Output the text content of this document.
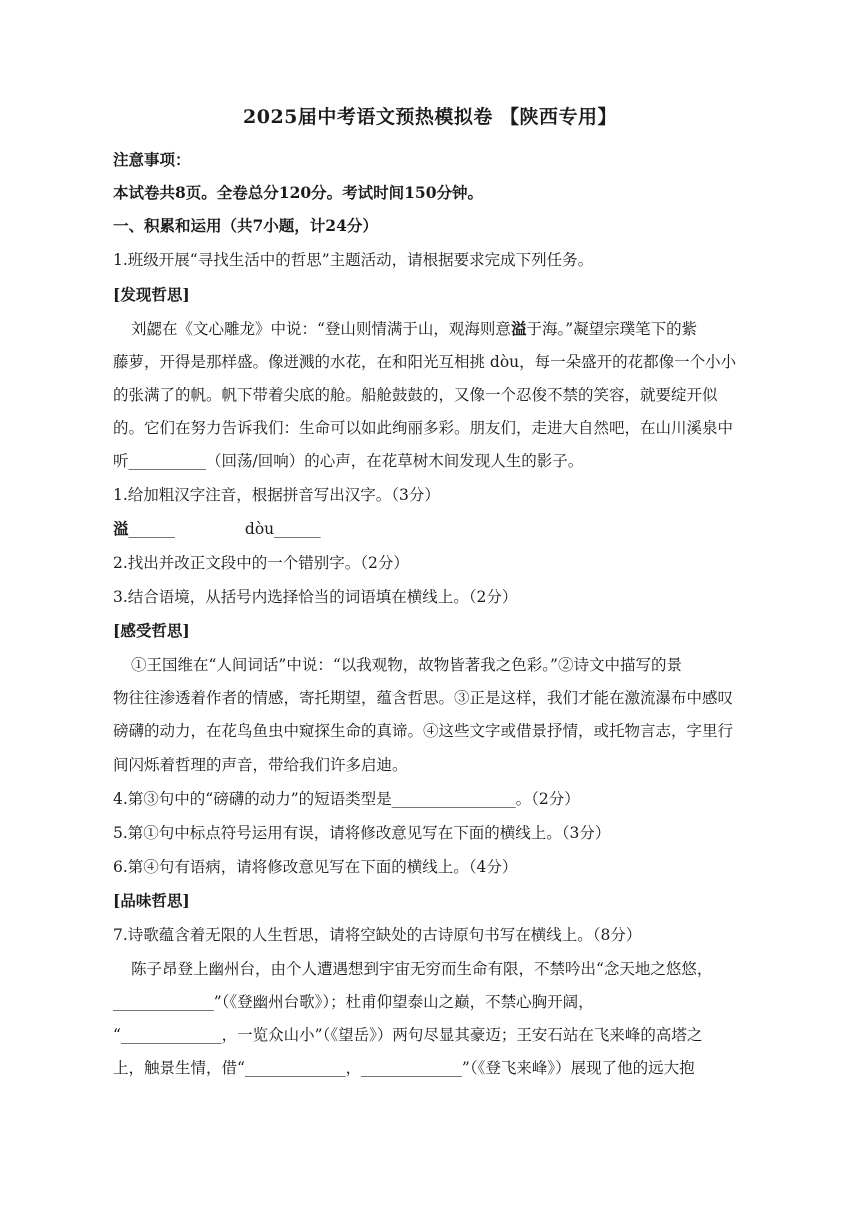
2025届中考语文预热模拟卷 【陕西专用】
注意事项：
本试卷共8页。全卷总分120分。考试时间150分钟。
一、积累和运用（共7小题，计24分）
1.班级开展“寻找生活中的哲思”主题活动，请根据要求完成下列任务。
[发现哲思]
刘勰在《文心雕龙》中说：“登山则情满于山，观海则意溢于海。”凝望宗璞笔下的紫
藤萝，开得是那样盛。像迸溅的水花，在和阳光互相挑 dòu，每一朵盛开的花都像一个小小
的张满了的帆。帆下带着尖底的舱。船舱鼓鼓的，又像一个忍俊不禁的笑容，就要绽开似
的。它们在努力告诉我们：生命可以如此绚丽多彩。朋友们，走进大自然吧，在山川溪泉中
听__________（回荡/回响）的心声，在花草树木间发现人生的影子。
1.给加粗汉字注音，根据拼音写出汉字。（3分）
溢______	dòu______
2.找出并改正文段中的一个错别字。（2分）
3.结合语境，从括号内选择恰当的词语填在横线上。（2分）
[感受哲思]
①王国维在“人间词话”中说：“以我观物，故物皆著我之色彩。”②诗文中描写的景
物往往渗透着作者的情感，寄托期望，蕴含哲思。③正是这样，我们才能在激流瀑布中感叹
磅礴的动力，在花鸟鱼虫中窥探生命的真谛。④这些文字或借景抒情，或托物言志，字里行
间闪烁着哲理的声音，带给我们许多启迪。
4.第③句中的“磅礴的动力”的短语类型是________________。（2分）
5.第①句中标点符号运用有误，请将修改意见写在下面的横线上。（3分）
6.第④句有语病，请将修改意见写在下面的横线上。（4分）
[品味哲思]
7.诗歌蕴含着无限的人生哲思，请将空缺处的古诗原句书写在横线上。（8分）
陈子昂登上幽州台，由个人遭遇想到宇宙无穷而生命有限，不禁吟出“念天地之悠悠，
_____________”（《登幽州台歌》）；杜甫仰望泰山之巅，不禁心胸开阔，
“_____________，一览众山小”（《望岳》）两句尽显其豪迈；王安石站在飞来峰的高塔之
上，触景生情，借“_____________，_____________”（《登飞来峰》）展现了他的远大抱
